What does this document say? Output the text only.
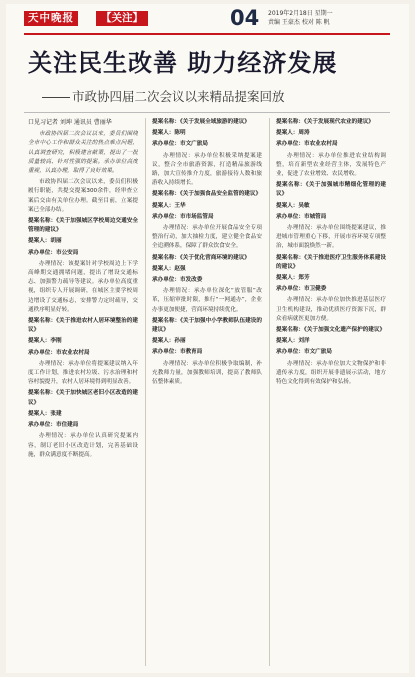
天中晚报	【关注】	04 2019年2月18日 星期一
责编 王豪杰 校对 陈 帆
关注民生改善 助力经济发展
市政协四届二次会议以来精品提案回放

口见习记者 刘坤 通讯员 曹丽华

市政协四届二次会议以来，委员们围绕全市中心工作和群众关注的热点难点问题，认真调查研究，积极建言献策，提出了一批质量较高、针对性强的提案。承办单位高度重视，认真办理，取得了良好效果。

市政协四届二次会议以来，委员们积极履行职能，共提交提案300余件，经审查立案后交由有关单位办理。截至目前，立案提案已全部办结。

提案名称：《关于加强城区学校周边交通安全管理的建议》

提案人：胡丽

承办单位：市公安局

办理情况：该提案针对学校周边上下学高峰期交通拥堵问题，提出了增设交通标志、加强警力疏导等建议。承办单位高度重视，组织专人开展调研，在城区主要学校周边增设了交通标志，安排警力定时疏导，交通秩序明显好转。

提案名称：《关于推进农村人居环境整治的建议》

提案人：李刚

承办单位：市农业农村局

办理情况：承办单位将提案建议纳入年度工作计划，推进农村垃圾、污水治理和村容村貌提升，农村人居环境得到明显改善。

提案名称：《关于加快城区老旧小区改造的建议》

提案人：张建

承办单位：市住建局

办理情况：承办单位认真研究提案内容，制订老旧小区改造计划，完善基础设施，群众满意度不断提高。

提案名称：《关于发展全域旅游的建议》

提案人：陈明

承办单位：市文广旅局

办理情况：承办单位积极采纳提案建议，整合全市旅游资源，打造精品旅游线路，加大宣传推介力度，旅游接待人数和旅游收入持续增长。

提案名称：《关于加强食品安全监管的建议》

提案人：王华

承办单位：市市场监管局

办理情况：承办单位开展食品安全专项整治行动，加大抽检力度，建立健全食品安全追溯体系，保障了群众饮食安全。

提案名称：《关于优化营商环境的建议》

提案人：赵强

承办单位：市发改委

办理情况：承办单位深化“放管服”改革，压缩审批时限，推行“一网通办”，企业办事更加便捷，营商环境持续优化。

提案名称：《关于加强中小学教师队伍建设的建议》

提案人：孙丽

承办单位：市教育局

办理情况：承办单位积极争取编制，补充教师力量，加强教师培训，提高了教师队伍整体素质。

提案名称：《关于发展现代农业的建议》

提案人：周涛

承办单位：市农业农村局

办理情况：承办单位推进农业结构调整，培育新型农业经营主体，发展特色产业，促进了农业增效、农民增收。

提案名称：《关于加强城市精细化管理的建议》

提案人：吴敏

承办单位：市城管局

办理情况：承办单位围绕提案建议，推进城市管理重心下移，开展市容环境专项整治，城市面貌焕然一新。

提案名称：《关于推进医疗卫生服务体系建设的建议》

提案人：郑芳

承办单位：市卫健委

办理情况：承办单位加快推进基层医疗卫生机构建设，推动优质医疗资源下沉，群众看病就医更加方便。

提案名称：《关于加强文化遗产保护的建议》

提案人：刘洋

承办单位：市文广旅局

办理情况：承办单位加大文物保护和非遗传承力度，组织开展非遗展示活动，地方特色文化得到有效保护和弘扬。
